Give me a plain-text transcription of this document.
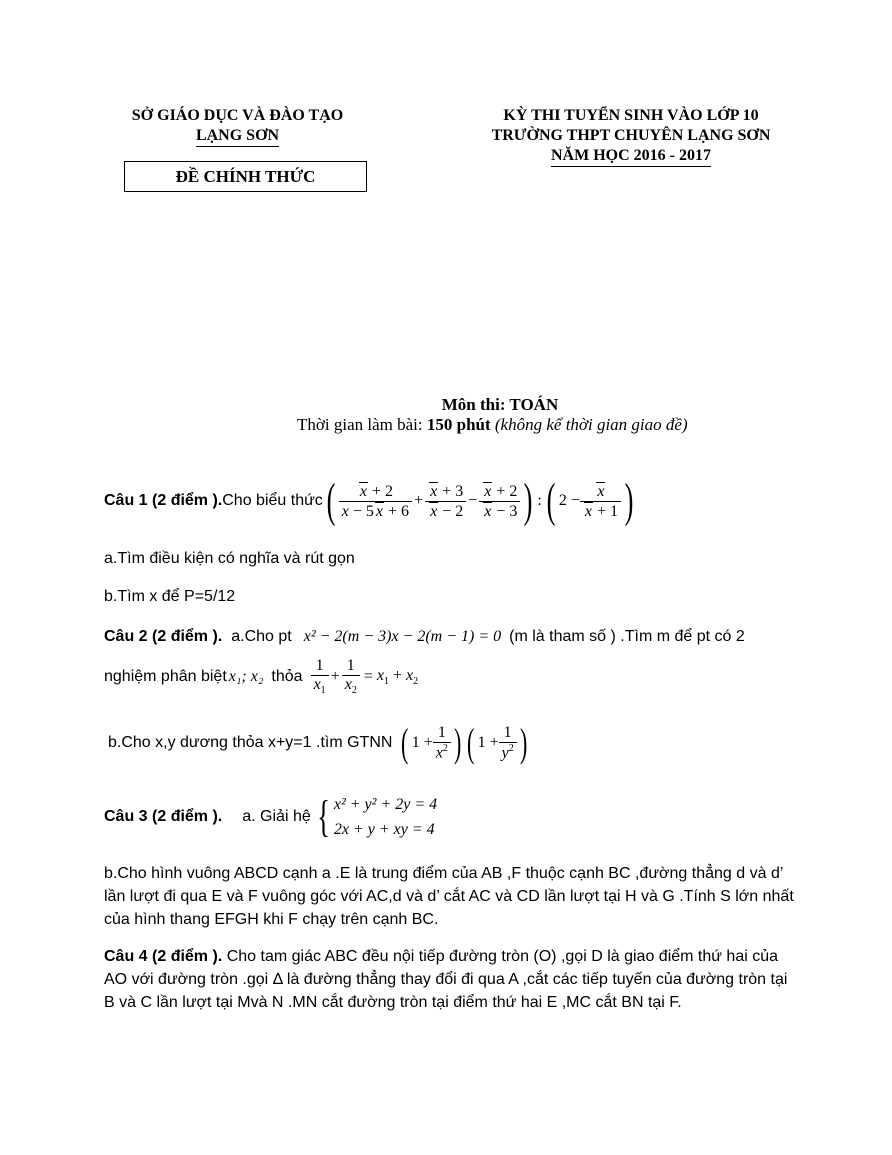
SỞ GIÁO DỤC VÀ ĐÀO TẠO
LẠNG SƠN
ĐỀ CHÍNH THỨC
KỲ THI TUYỂN SINH VÀO LỚP 10
TRƯỜNG THPT CHUYÊN LẠNG SƠN
NĂM HỌC 2016 - 2017
Môn thi: TOÁN
Thời gian làm bài: 150 phút (không kể thời gian giao đề)
Câu 1 (2 điểm ). Cho biểu thức ( $\frac{x + 2}{x - 5 x + 6} + \frac{x + 3}{x - 2} - \frac{x + 2}{x - 3}$ ) : ( $2 - \frac{x}{x + 1}$ )
a.Tìm điều kiện có nghĩa và rút gọn
b.Tìm x để P=5/12
Câu 2 (2 điểm ). a.Cho pt x² − 2(m − 3)x − 2(m − 1) = 0 (m là tham số ) .Tìm m để pt có 2
nghiệm phân biệt x₁; x₂ thỏa $\frac{1}{x_1} + \frac{1}{x_2} = x_1 + x_2$
b.Cho x,y dương thỏa x+y=1 .tìm GTNN ( $1 + \frac{1}{x^2}$ ) ( $1 + \frac{1}{y^2}$ )
Câu 3 (2 điểm ). a. Giải hệ { x² + y² + 2y = 4
2x + y + xy = 4
b.Cho hình vuông ABCD cạnh a .E là trung điểm của AB ,F thuộc cạnh BC ,đường thẳng d và d’ lần lượt đi qua E và F vuông góc với AC,d và d’ cắt AC và CD lần lượt tại H và G .Tính S lớn nhất của hình thang EFGH khi F chạy trên cạnh BC.
Câu 4 (2 điểm ). Cho tam giác ABC đều nội tiếp đường tròn (O) ,gọi D là giao điểm thứ hai của AO với đường tròn .gọi Δ là đường thẳng thay đổi đi qua A ,cắt các tiếp tuyến của đường tròn tại B và C lần lượt tại Mvà N .MN cắt đường tròn tại điểm thứ hai E ,MC cắt BN tại F.
